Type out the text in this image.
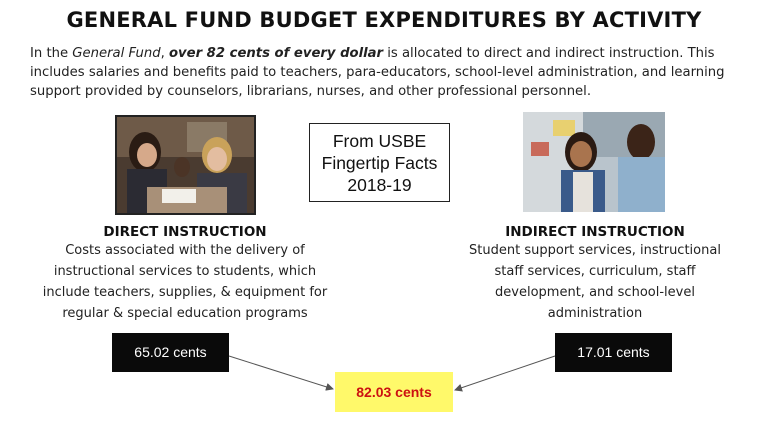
GENERAL FUND BUDGET EXPENDITURES BY ACTIVITY
In the General Fund, over 82 cents of every dollar is allocated to direct and indirect instruction. This includes salaries and benefits paid to teachers, para-educators, school-level administration, and learning support provided by counselors, librarians, nurses, and other professional personnel.
From USBE
Fingertip Facts
2018-19
DIRECT INSTRUCTION
Costs associated with the delivery of
instructional services to students, which
include teachers, supplies, & equipment for
regular & special education programs
INDIRECT INSTRUCTION
Student support services, instructional
staff services, curriculum, staff
development, and school-level
administration
65.02 cents	17.01 cents
82.03 cents
